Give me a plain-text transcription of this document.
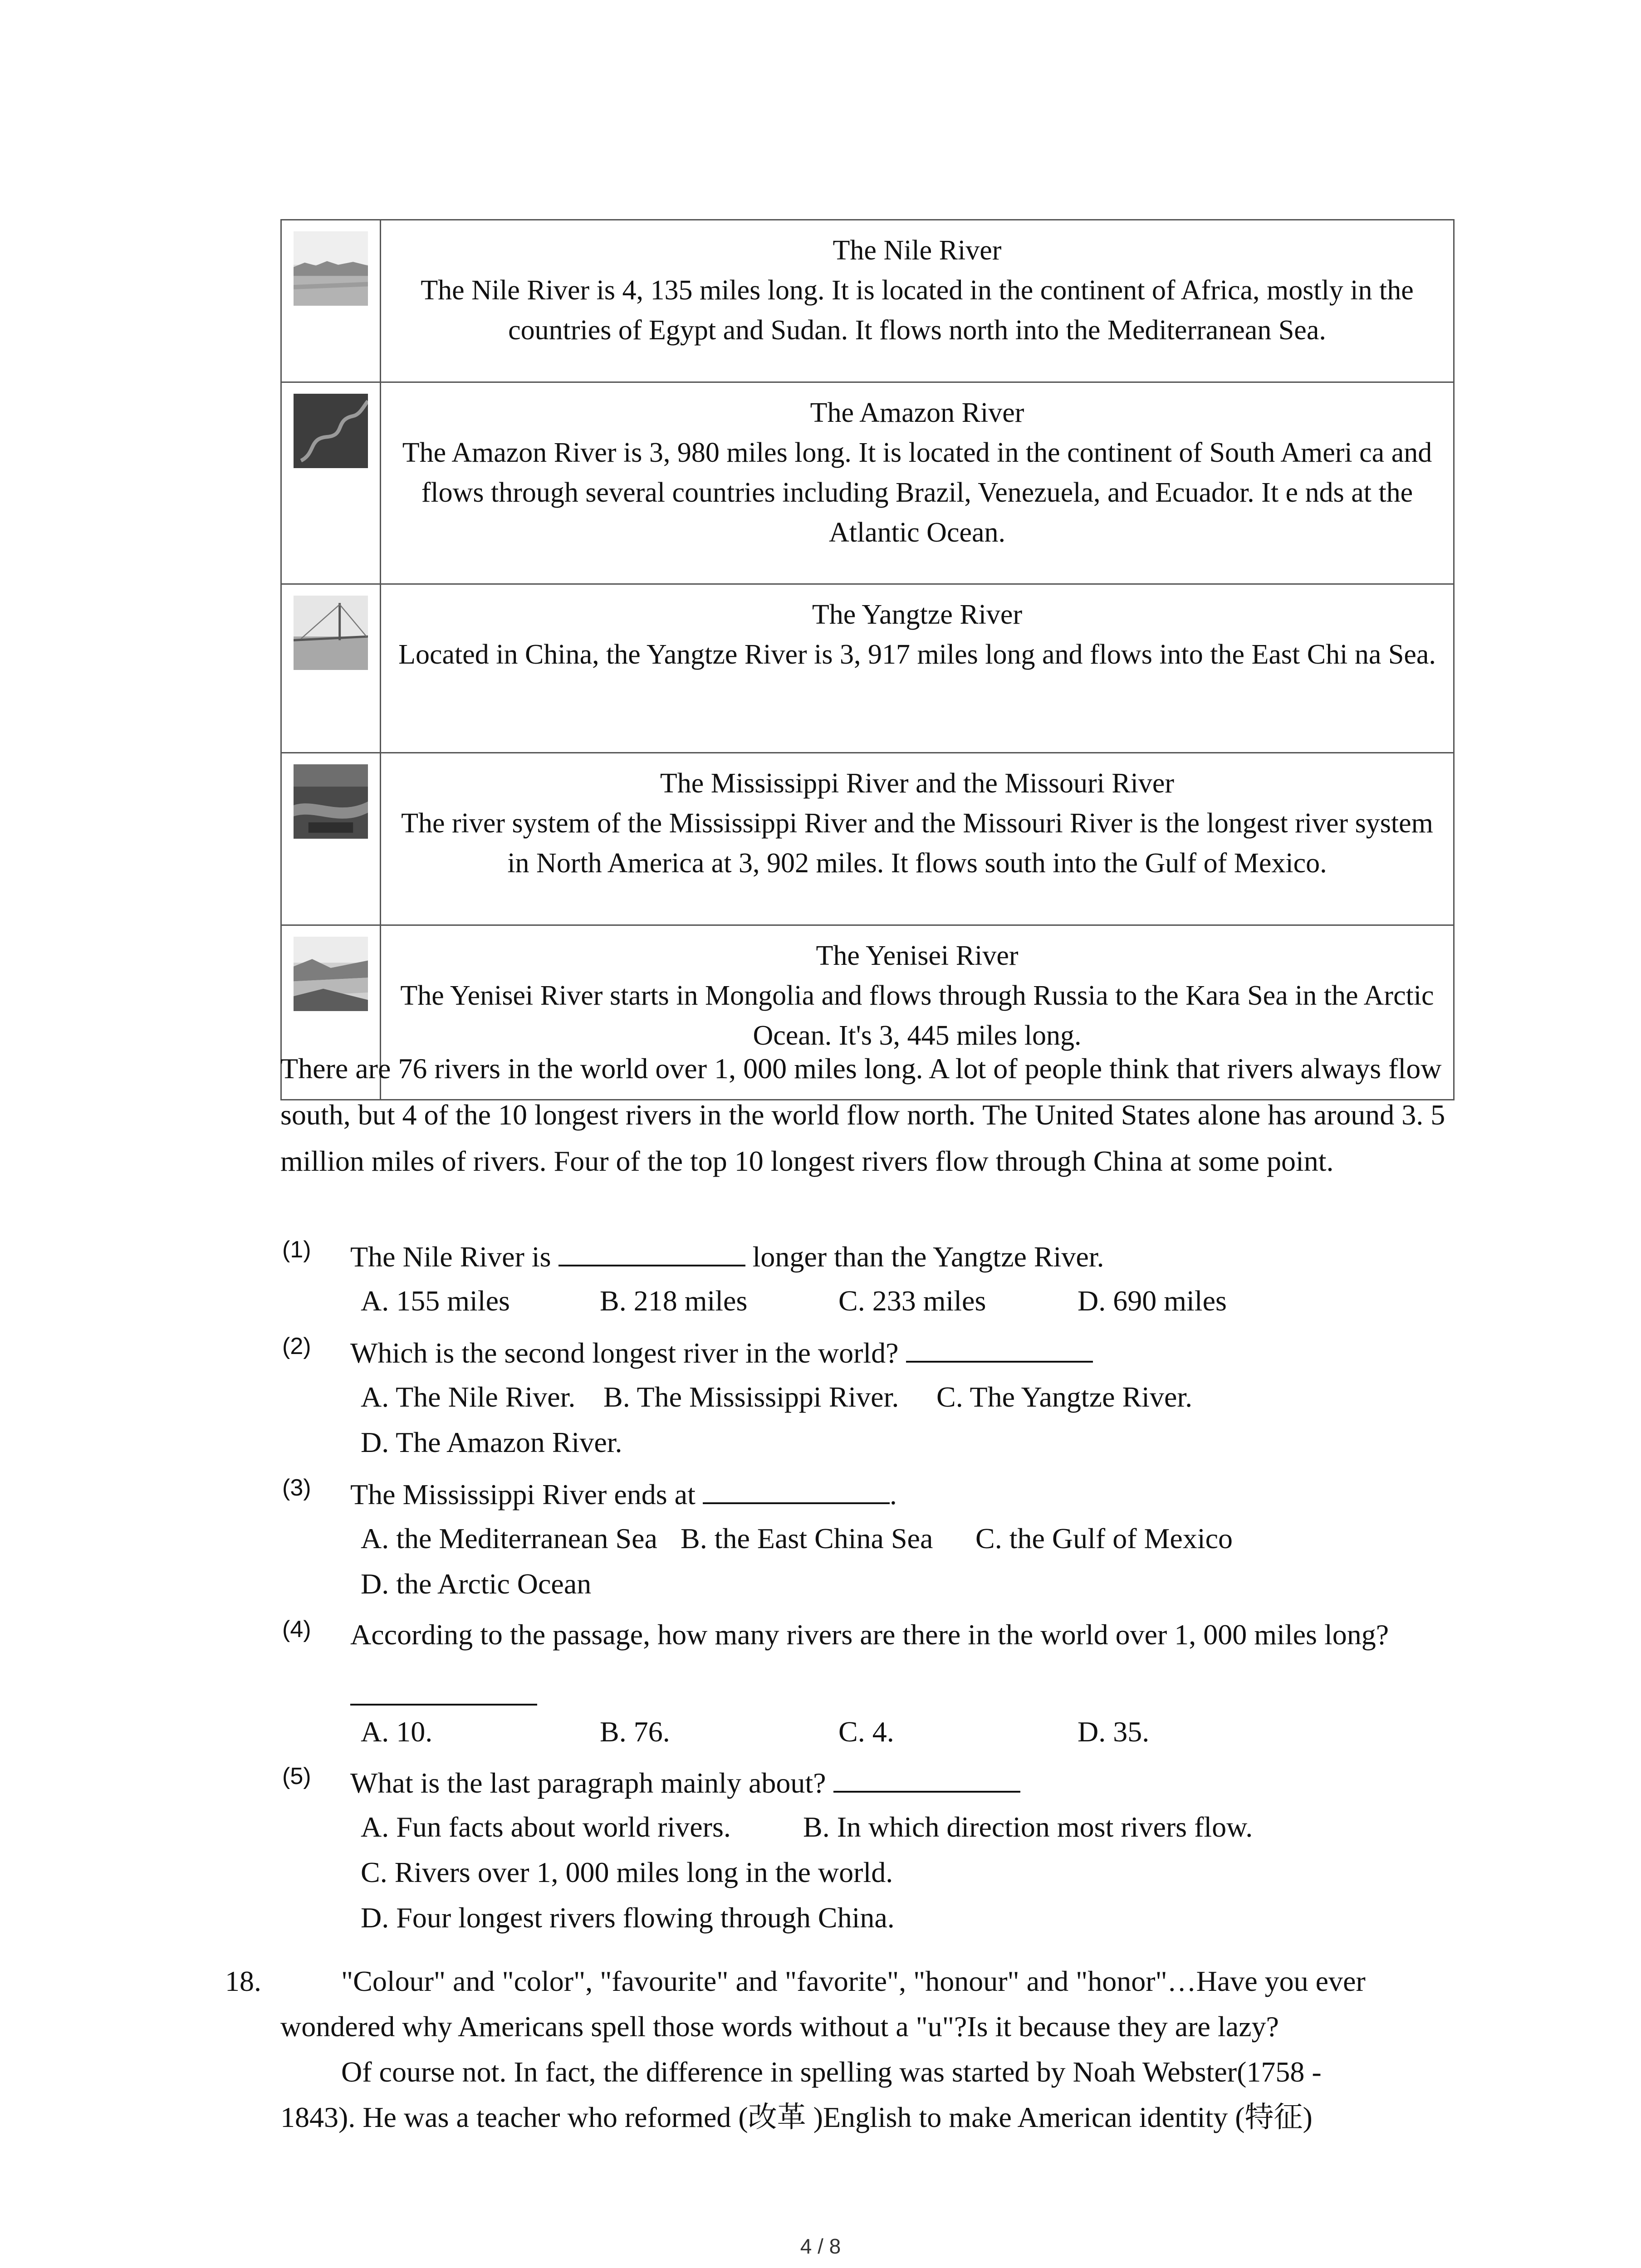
The Nile River
The Nile River is 4, 135 miles long. It is located in the continent of Africa, mostly in the countries of Egypt and Sudan. It flows north into the Mediterranean Sea.

The Amazon River
The Amazon River is 3, 980 miles long. It is located in the continent of South Ameri ca and flows through several countries including Brazil, Venezuela, and Ecuador. It e nds at the Atlantic Ocean.

The Yangtze River
Located in China, the Yangtze River is 3, 917 miles long and flows into the East Chi na Sea.

The Mississippi River and the Missouri River
The river system of the Mississippi River and the Missouri River is the longest river system in North America at 3, 902 miles. It flows south into the Gulf of Mexico.

The Yenisei River
The Yenisei River starts in Mongolia and flows through Russia to the Kara Sea in the Arctic Ocean. It's 3, 445 miles long.

There are 76 rivers in the world over 1, 000 miles long. A lot of people think that rivers always flow south, but 4 of the 10 longest rivers in the world flow north. The United States alone has around 3. 5 million miles of rivers. Four of the top 10 longest rivers flow through China at some point.

(1) The Nile River is	longer than the Yangtze River.
A. 155 miles	B. 218 miles	C. 233 miles	D. 690 miles
(2) Which is the second longest river in the world?
A. The Nile River. B. The Mississippi River. C. The Yangtze River.
D. The Amazon River.
(3) The Mississippi River ends at	.
A. the Mediterranean Sea B. the East China Sea C. the Gulf of Mexico
D. the Arctic Ocean
(4) According to the passage, how many rivers are there in the world over 1, 000 miles long?
A. 10.	B. 76.	C. 4.	D. 35.
(5) What is the last paragraph mainly about?
A. Fun facts about world rivers. B. In which direction most rivers flow.
C. Rivers over 1, 000 miles long in the world.
D. Four longest rivers flowing through China.
18.	"Colour" and "color", "favourite" and "favorite", "honour" and "honor"…Have you ever
wondered why Americans spell those words without a "u"?Is it because they are lazy?
Of course not. In fact, the difference in spelling was started by Noah Webster(1758 -
1843). He was a teacher who reformed (改革 )English to make American identity (特征)
4 / 8
